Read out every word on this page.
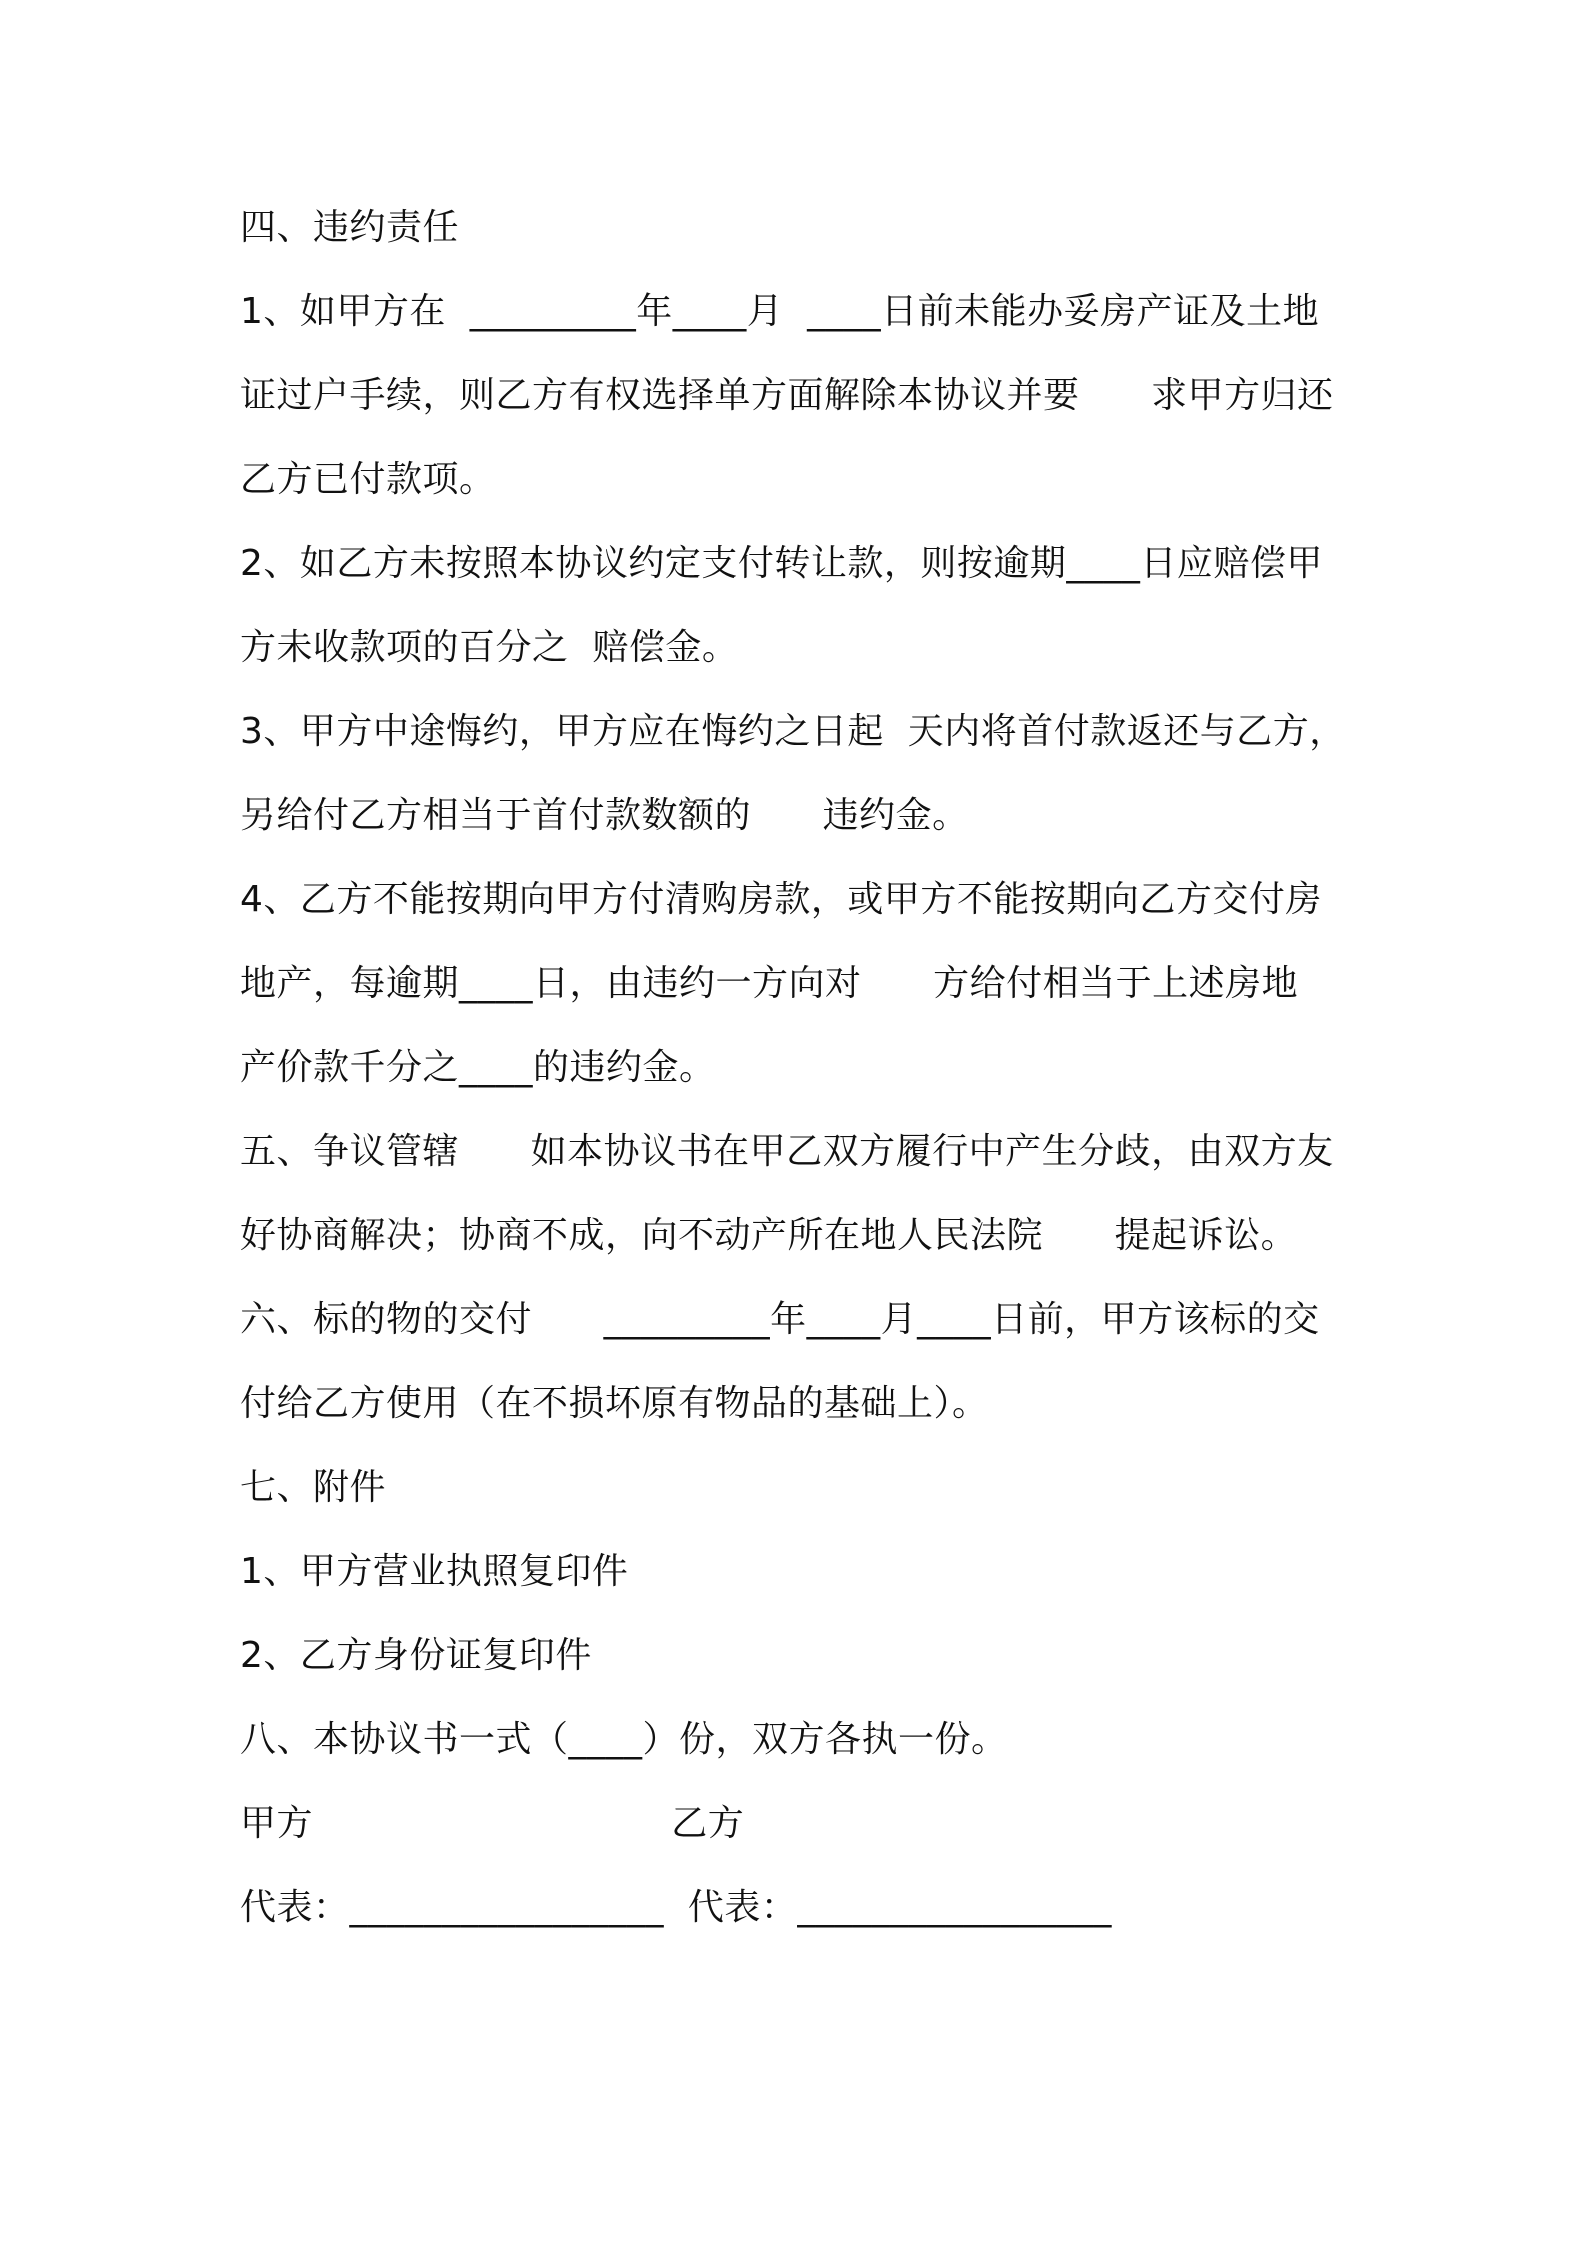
四、违约责任
1、如甲方在  _________年____月  ____日前未能办妥房产证及土地
证过户手续，则乙方有权选择单方面解除本协议并要      求甲方归还
乙方已付款项。
2、如乙方未按照本协议约定支付转让款，则按逾期____日应赔偿甲
方未收款项的百分之  赔偿金。
3、甲方中途悔约，甲方应在悔约之日起  天内将首付款返还与乙方，
另给付乙方相当于首付款数额的      违约金。
4、乙方不能按期向甲方付清购房款，或甲方不能按期向乙方交付房
地产，每逾期____日，由违约一方向对      方给付相当于上述房地
产价款千分之____的违约金。
五、争议管辖      如本协议书在甲乙双方履行中产生分歧，由双方友
好协商解决；协商不成，向不动产所在地人民法院      提起诉讼。
六、标的物的交付      _________年____月____日前，甲方该标的交
付给乙方使用（在不损坏原有物品的基础上）。
七、附件
1、甲方营业执照复印件
2、乙方身份证复印件
八、本协议书一式（____）份，双方各执一份。
甲方                              乙方
代表：_________________  代表：_________________
